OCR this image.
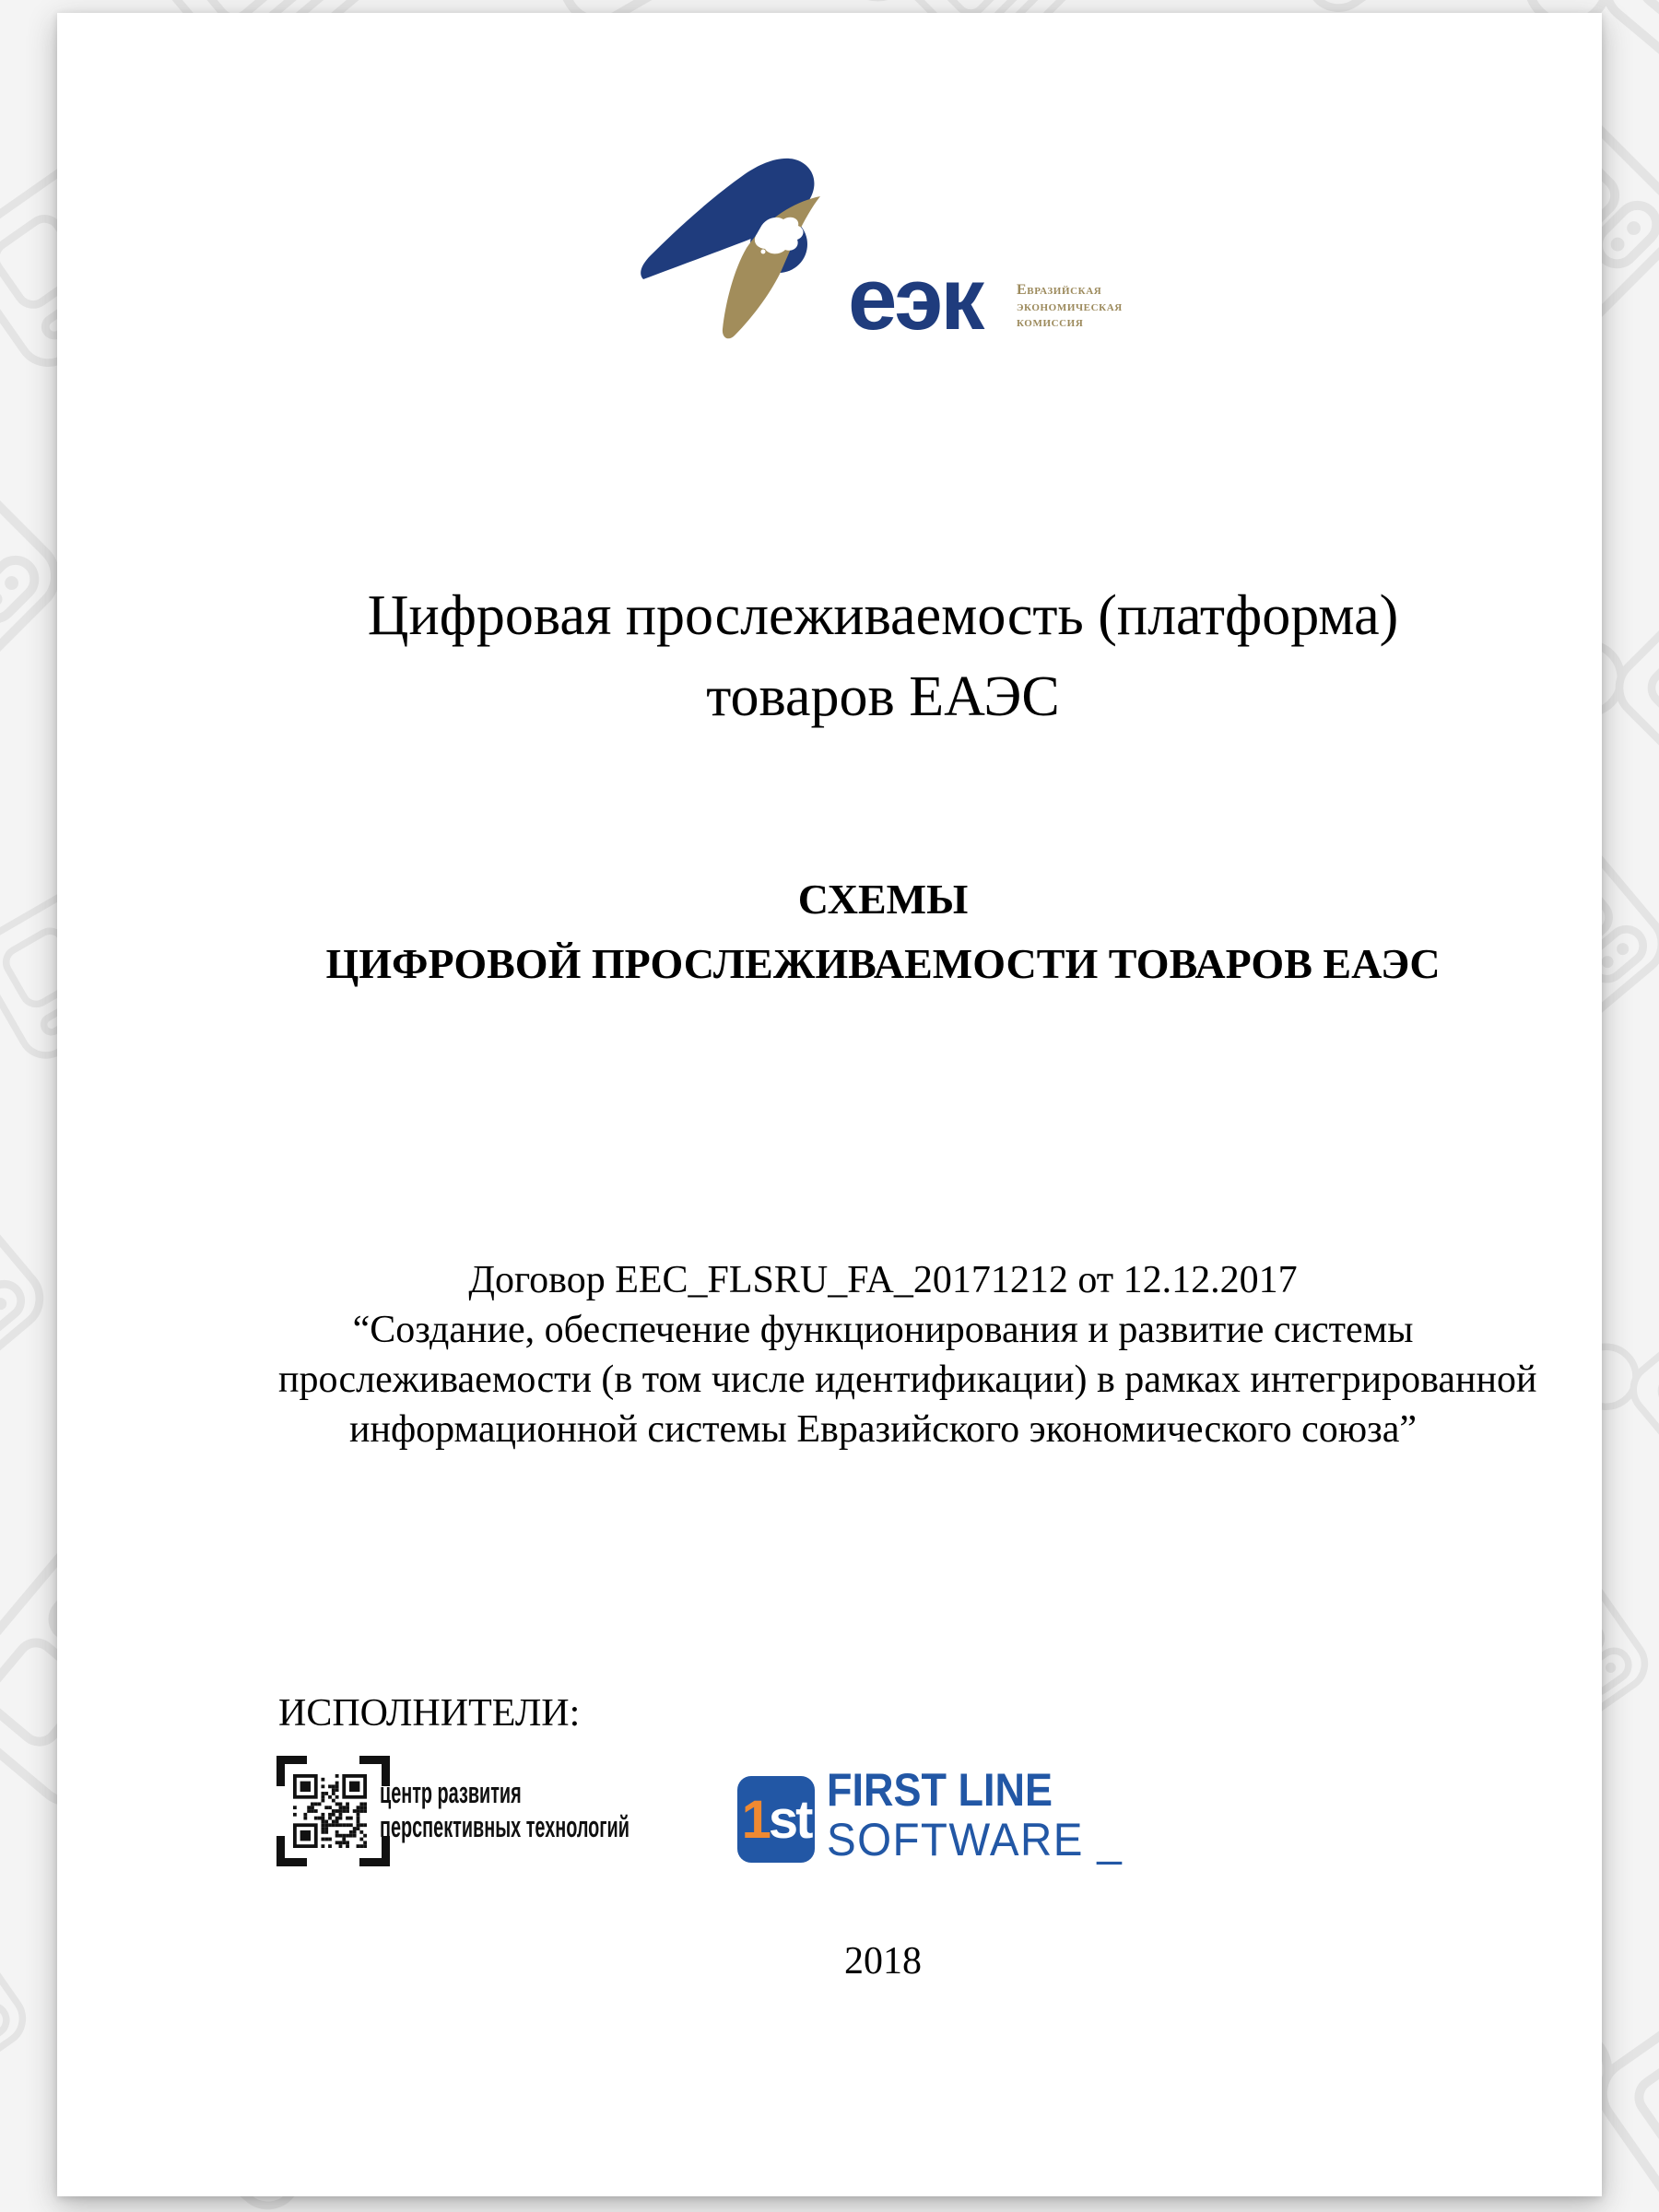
еэк Евразийская
экономическая
комиссия
Цифровая прослеживаемость (платформа)
товаров ЕАЭС
СХЕМЫ
ЦИФРОВОЙ ПРОСЛЕЖИВАЕМОСТИ ТОВАРОВ ЕАЭС
Договор EEC_FLSRU_FA_20171212 от 12.12.2017
“Создание, обеспечение функционирования и развитие системы
прослеживаемости (в том числе идентификации) в рамках интегрированной
информационной системы Евразийского экономического союза”
ИСПОЛНИТЕЛИ:
центр развития
перспективных технологий 1 st FIRST LINE
SOFTWARE _
2018
